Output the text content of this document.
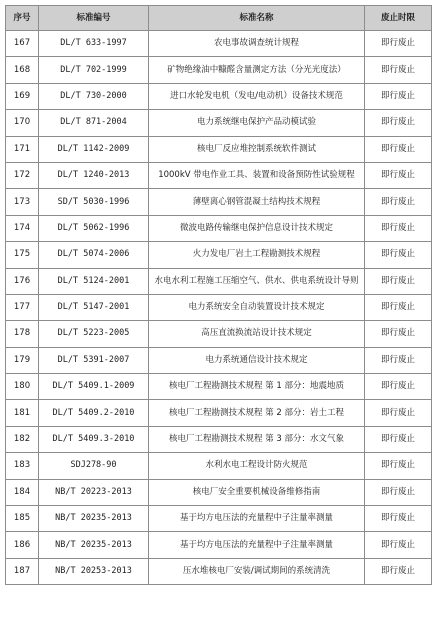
序号	标准编号	标准名称	废止时限
167	DL/T 633-1997	农电事故调查统计规程	即行废止
168	DL/T 702-1999	矿物绝缘油中糠醛含量测定方法（分光光度法）	即行废止
169	DL/T 730-2000	进口水轮发电机（发电/电动机）设备技术规范	即行废止
170	DL/T 871-2004	电力系统继电保护产品动模试验	即行废止
171	DL/T 1142-2009	核电厂反应堆控制系统软件测试	即行废止
172	DL/T 1240-2013	1000kV 带电作业工具、装置和设备预防性试验规程	即行废止
173	SD/T 5030-1996	薄壁离心钢管混凝土结构技术规程	即行废止
174	DL/T 5062-1996	微波电路传输继电保护信息设计技术规定	即行废止
175	DL/T 5074-2006	火力发电厂岩土工程勘测技术规程	即行废止
176	DL/T 5124-2001	水电水利工程施工压缩空气、供水、供电系统设计导则	即行废止
177	DL/T 5147-2001	电力系统安全自动装置设计技术规定	即行废止
178	DL/T 5223-2005	高压直流换流站设计技术规定	即行废止
179	DL/T 5391-2007	电力系统通信设计技术规定	即行废止
180	DL/T 5409.1-2009	核电厂工程勘测技术规程 第 1 部分：地震地质	即行废止
181	DL/T 5409.2-2010	核电厂工程勘测技术规程 第 2 部分：岩土工程	即行废止
182	DL/T 5409.3-2010	核电厂工程勘测技术规程 第 3 部分：水文气象	即行废止
183	SDJ278-90	水利水电工程设计防火规范	即行废止
184	NB/T 20223-2013	核电厂安全重要机械设备维修指南	即行废止
185	NB/T 20235-2013	基于均方电压法的充量程中子注量率测量	即行废止
186	NB/T 20235-2013	基于均方电压法的充量程中子注量率测量	即行废止
187	NB/T 20253-2013	压水堆核电厂安装/调试期间的系统清洗	即行废止
